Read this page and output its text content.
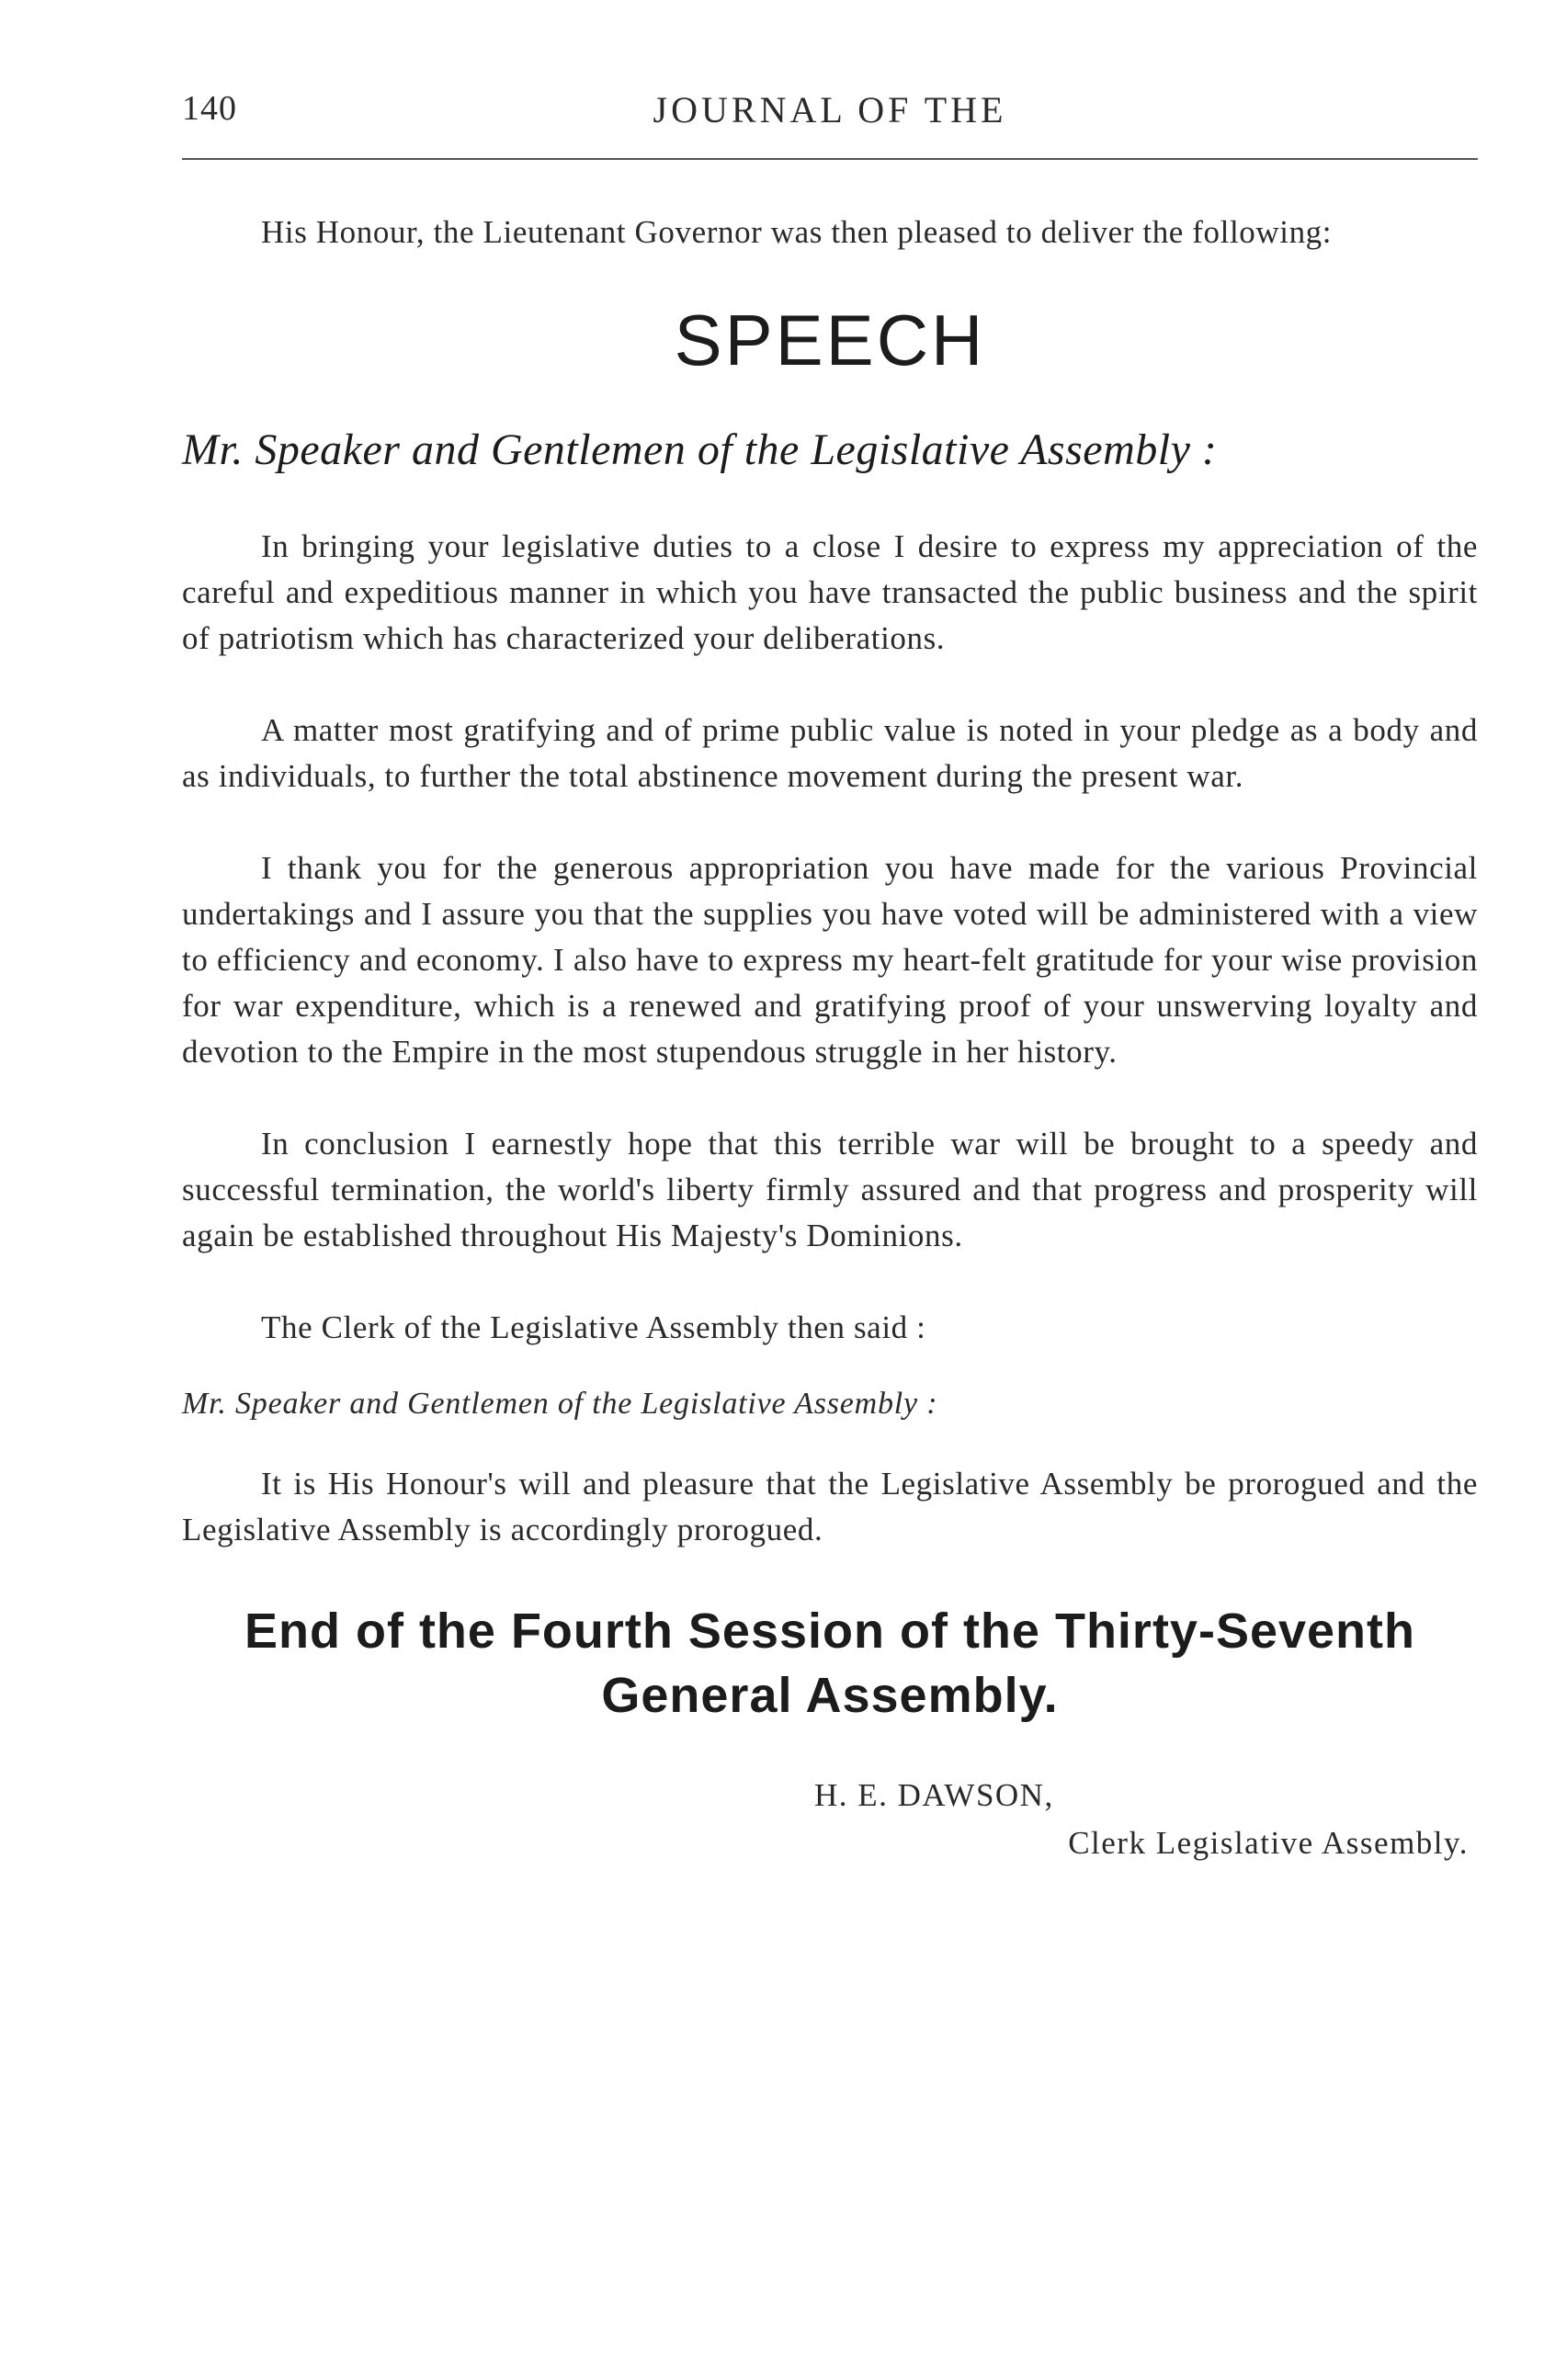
140	JOURNAL OF THE

His Honour, the Lieutenant Governor was then pleased to deliver the following:

SPEECH

Mr. Speaker and Gentlemen of the Legislative Assembly :

In bringing your legislative duties to a close I desire to express my appreciation of the careful and expeditious manner in which you have transacted the public business and the spirit of patriotism which has characterized your deliberations.

A matter most gratifying and of prime public value is noted in your pledge as a body and as individuals, to further the total abstinence movement during the present war.

I thank you for the generous appropriation you have made for the various Provincial undertakings and I assure you that the supplies you have voted will be administered with a view to efficiency and economy. I also have to express my heart-felt gratitude for your wise provision for war expenditure, which is a renewed and gratifying proof of your unswerving loyalty and devotion to the Empire in the most stupendous struggle in her history.

In conclusion I earnestly hope that this terrible war will be brought to a speedy and successful termination, the world's liberty firmly assured and that progress and prosperity will again be established throughout His Majesty's Dominions.

The Clerk of the Legislative Assembly then said :

Mr. Speaker and Gentlemen of the Legislative Assembly :

It is His Honour's will and pleasure that the Legislative Assembly be prorogued and the Legislative Assembly is accordingly prorogued.

End of the Fourth Session of the Thirty-Seventh General Assembly.

H. E. DAWSON,

Clerk Legislative Assembly.
